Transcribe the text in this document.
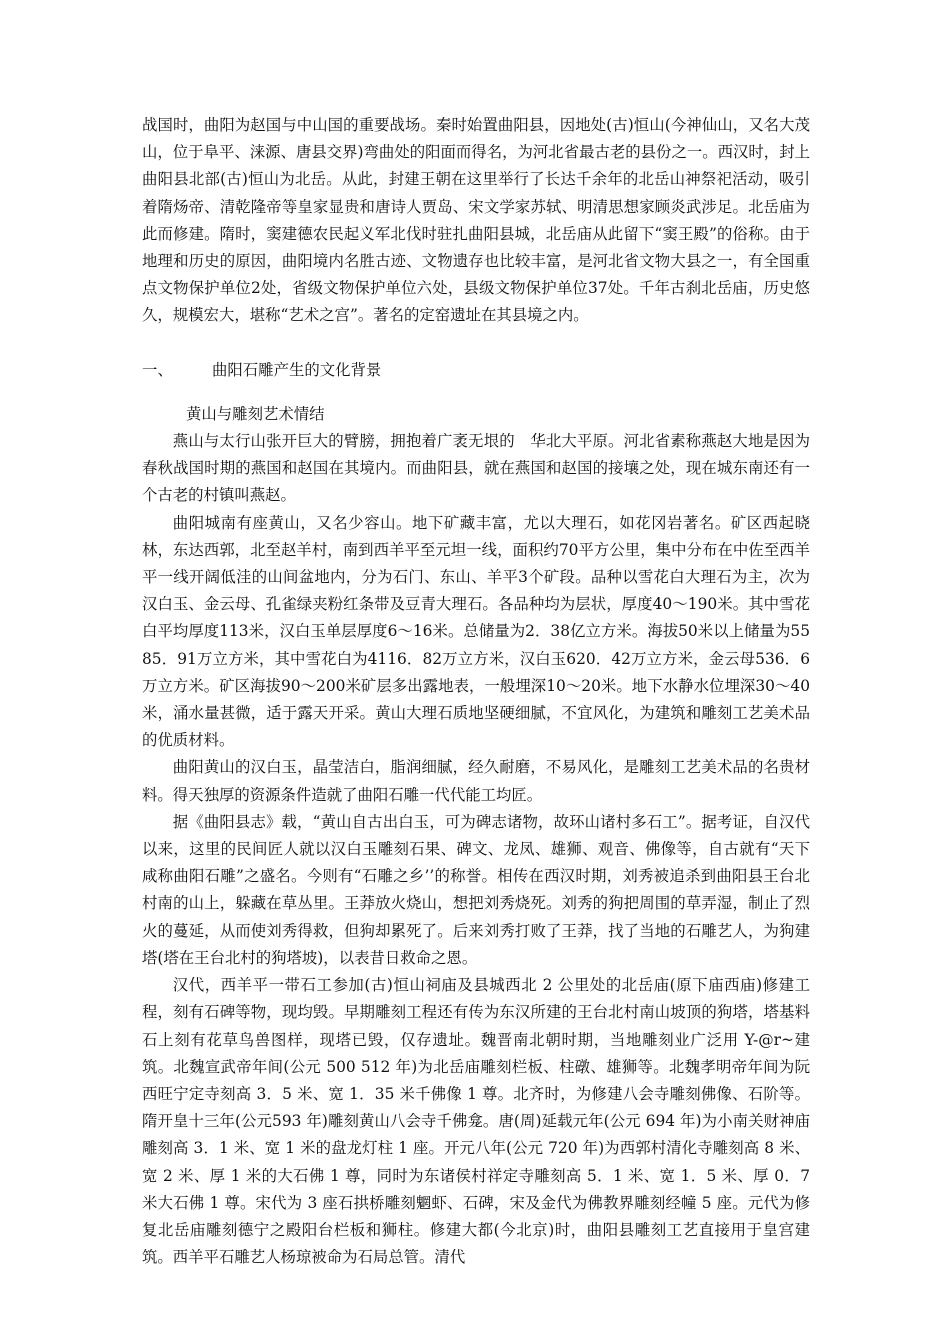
战国时，曲阳为赵国与中山国的重要战场。秦时始置曲阳县，因地处(古)恒山(今神仙山，又名大茂山，位于阜平、涞源、唐县交界)弯曲处的阳面而得名，为河北省最古老的县份之一。西汉时，封上曲阳县北部(古)恒山为北岳。从此，封建王朝在这里举行了长达千余年的北岳山神祭祀活动，吸引着隋炀帝、清乾隆帝等皇家显贵和唐诗人贾岛、宋文学家苏轼、明清思想家顾炎武涉足。北岳庙为此而修建。隋时，窦建德农民起义军北伐时驻扎曲阳县城，北岳庙从此留下“窦王殿”的俗称。由于地理和历史的原因，曲阳境内名胜古迹、文物遗存也比较丰富，是河北省文物大县之一，有全国重点文物保护单位2处，省级文物保护单位六处，县级文物保护单位37处。千年古刹北岳庙，历史悠久，规模宏大，堪称“艺术之宫”。著名的定窑遗址在其县境之内。

一、	曲阳石雕产生的文化背景

黄山与雕刻艺术情结

燕山与太行山张开巨大的臂膀，拥抱着广袤无垠的　华北大平原。河北省素称燕赵大地是因为春秋战国时期的燕国和赵国在其境内。而曲阳县，就在燕国和赵国的接壤之处，现在城东南还有一个古老的村镇叫燕赵。

曲阳城南有座黄山，又名少容山。地下矿藏丰富，尤以大理石，如花冈岩著名。矿区西起晓林，东达西郭，北至赵羊村，南到西羊平至元坦一线，面积约70平方公里，集中分布在中佐至西羊平一线开阔低洼的山间盆地内，分为石门、东山、羊平3个矿段。品种以雪花白大理石为主，次为汉白玉、金云母、孔雀绿夹粉红条带及豆青大理石。各品种均为层状，厚度40～190米。其中雪花白平均厚度113米，汉白玉单层厚度6～16米。总储量为2．38亿立方米。海拔50米以上储量为5585．91万立方米，其中雪花白为4116．82万立方米，汉白玉620．42万立方米，金云母536．6万立方米。矿区海拔90～200米矿层多出露地表，一般埋深10～20米。地下水静水位埋深30～40米，涌水量甚微，适于露天开采。黄山大理石质地坚硬细腻，不宜风化，为建筑和雕刻工艺美术品的优质材料。

曲阳黄山的汉白玉，晶莹洁白，脂润细腻，经久耐磨，不易风化，是雕刻工艺美术品的名贵材料。得天独厚的资源条件造就了曲阳石雕一代代能工均匠。

据《曲阳县志》载，“黄山自古出白玉，可为碑志诸物，故环山诸村多石工”。据考证，自汉代以来，这里的民间匠人就以汉白玉雕刻石果、碑文、龙凤、雄狮、观音、佛像等，自古就有“天下咸称曲阳石雕”之盛名。今则有“石雕之乡’’的称誉。相传在西汉时期，刘秀被追杀到曲阳县王台北村南的山上，躲藏在草丛里。王莽放火烧山，想把刘秀烧死。刘秀的狗把周围的草弄湿，制止了烈火的蔓延，从而使刘秀得救，但狗却累死了。后来刘秀打败了王莽，找了当地的石雕艺人，为狗建塔(塔在王台北村的狗塔坡)，以表昔日救命之恩。

汉代，西羊平一带石工参加(古)恒山祠庙及县城西北 2 公里处的北岳庙(原下庙西庙)修建工程，刻有石碑等物，现均毁。早期雕刻工程还有传为东汉所建的王台北村南山坡顶的狗塔，塔基料石上刻有花草鸟兽图样，现塔已毁，仅存遗址。魏晋南北朝时期，当地雕刻业广泛用 Y-@r~建筑。北魏宣武帝年间(公元 500 512 年)为北岳庙雕刻栏板、柱礅、雄狮等。北魏孝明帝年间为阮西旺宁定寺刻高 3．5 米、宽 1．35 米千佛像 1 尊。北齐时，为修建八会寺雕刻佛像、石阶等。隋开皇十三年(公元593 年)雕刻黄山八会寺千佛龛。唐(周)延载元年(公元 694 年)为小南关财神庙雕刻高 3．1 米、宽 1 米的盘龙灯柱 1 座。开元八年(公元 720 年)为西郭村清化寺雕刻高 8 米、宽 2 米、厚 1 米的大石佛 1 尊，同时为东诸侯村祥定寺雕刻高 5．1 米、宽 1．5 米、厚 0．7 米大石佛 1 尊。宋代为 3 座石拱桥雕刻魍虾、石碑，宋及金代为佛教界雕刻经幢 5 座。元代为修复北岳庙雕刻德宁之殿阳台栏板和狮柱。修建大都(今北京)时，曲阳县雕刻工艺直接用于皇宫建筑。西羊平石雕艺人杨琼被命为石局总管。清代
